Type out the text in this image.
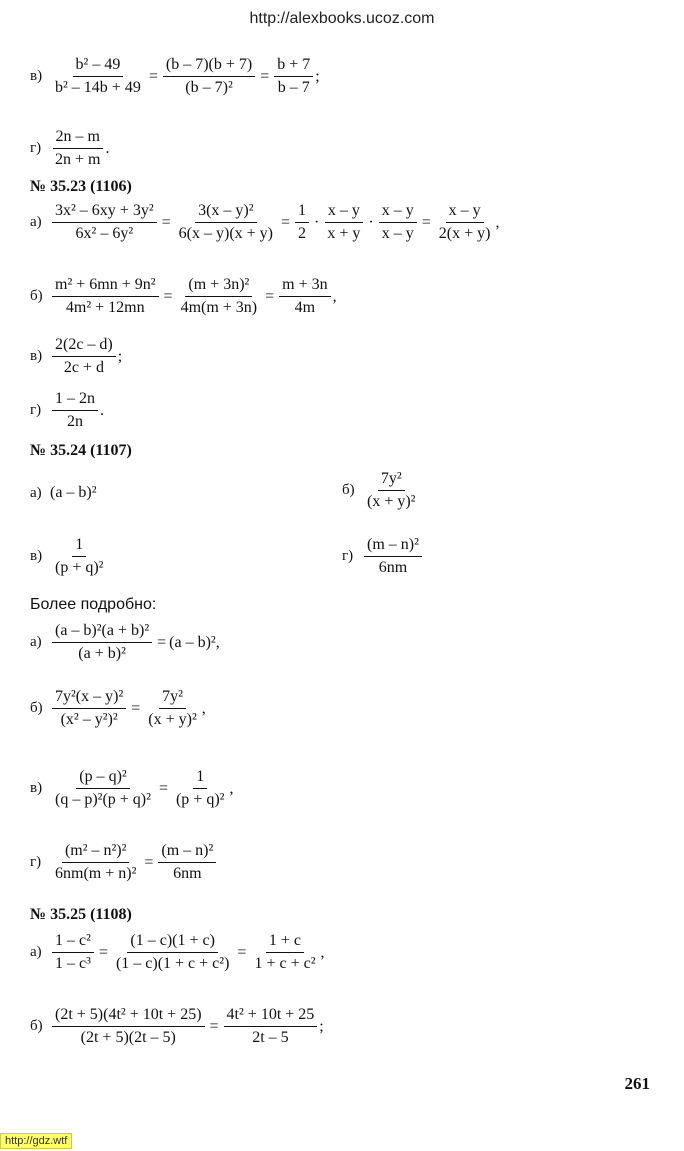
http://alexbooks.ucoz.com
$в) \frac{\text{b² – 49}}{\text{b² – 14b + 49}} = \frac{(b - 7)(b + 7)}{\text{(b – 7)²}} = \frac{b + 7}{b - 7}$ ;
$г) \frac{2n - m}{2n + m}$ .
№ 35.23 (1106)
$а) \frac{\text{3x² – 6xy + 3y²}}{\text{6x² – 6y²}} = \frac{\text{3(x – y)²}}{6(x - y)(x + y)} = \frac{1}{2} \cdot \frac{x - y}{x + y} \cdot \frac{x - y}{x - y} = \frac{x - y}{2(x + y)}$ ,
$б) \frac{\text{m² + 6mn + 9n²}}{\text{4m² + 12mn}} = \frac{\text{(m + 3n)²}}{4m(m + 3n)} = \frac{m + 3n}{4m}$ ,
$в) \frac{2(2c - d)}{2c + d}$ ;
$г) \frac{1 - 2n}{2n}$ .
№ 35.24 (1107)
а) (a – b)²	$б) \frac{\text{7y²}}{\text{(x + y)²}}$
$в) \frac{1}{\text{(p + q)²}}$	$г) \frac{\text{(m – n)²}}{6nm}$
Более подробно:
$а) \frac{\text{(a – b)²(a + b)²}}{\text{(a + b)²}} = (a - b)^2$ ,
$б) \frac{\text{7y²(x – y)²}}{\text{(x² – y²)²}} = \frac{\text{7y²}}{\text{(x + y)²}}$ ,
$в) \frac{\text{(p – q)²}}{\text{(q – p)²(p + q)²}} = \frac{1}{\text{(p + q)²}}$ ,
$г) \frac{\text{(m² – n²)²}}{\text{6nm(m + n)²}} = \frac{\text{(m – n)²}}{6nm}$
№ 35.25 (1108)
$а) \frac{\text{1 – c²}}{\text{1 – c³}} = \frac{(1 - c)(1 + c)}{\text{(1 – c)(1 + c + c²)}} = \frac{1 + c}{\text{1 + c + c²}}$ ,
$б) \frac{\text{(2t + 5)(4t² + 10t + 25)}}{(2t + 5)(2t - 5)} = \frac{\text{4t² + 10t + 25}}{2t - 5}$ ;
261
http://gdz.wtf
